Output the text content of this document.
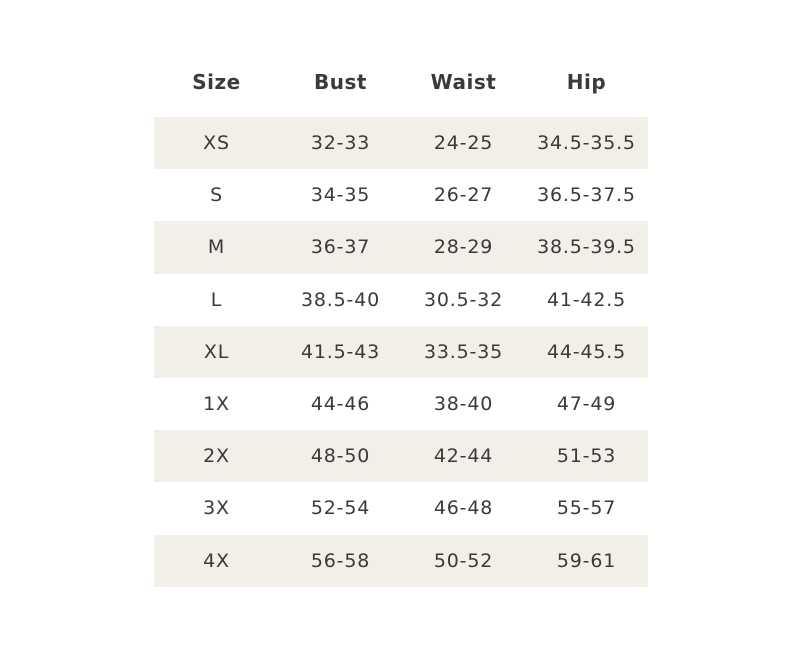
Size	Bust	Waist	Hip
XS	32-33	24-25	34.5-35.5
S	34-35	26-27	36.5-37.5
M	36-37	28-29	38.5-39.5
L	38.5-40	30.5-32	41-42.5
XL	41.5-43	33.5-35	44-45.5
1X	44-46	38-40	47-49
2X	48-50	42-44	51-53
3X	52-54	46-48	55-57
4X	56-58	50-52	59-61
